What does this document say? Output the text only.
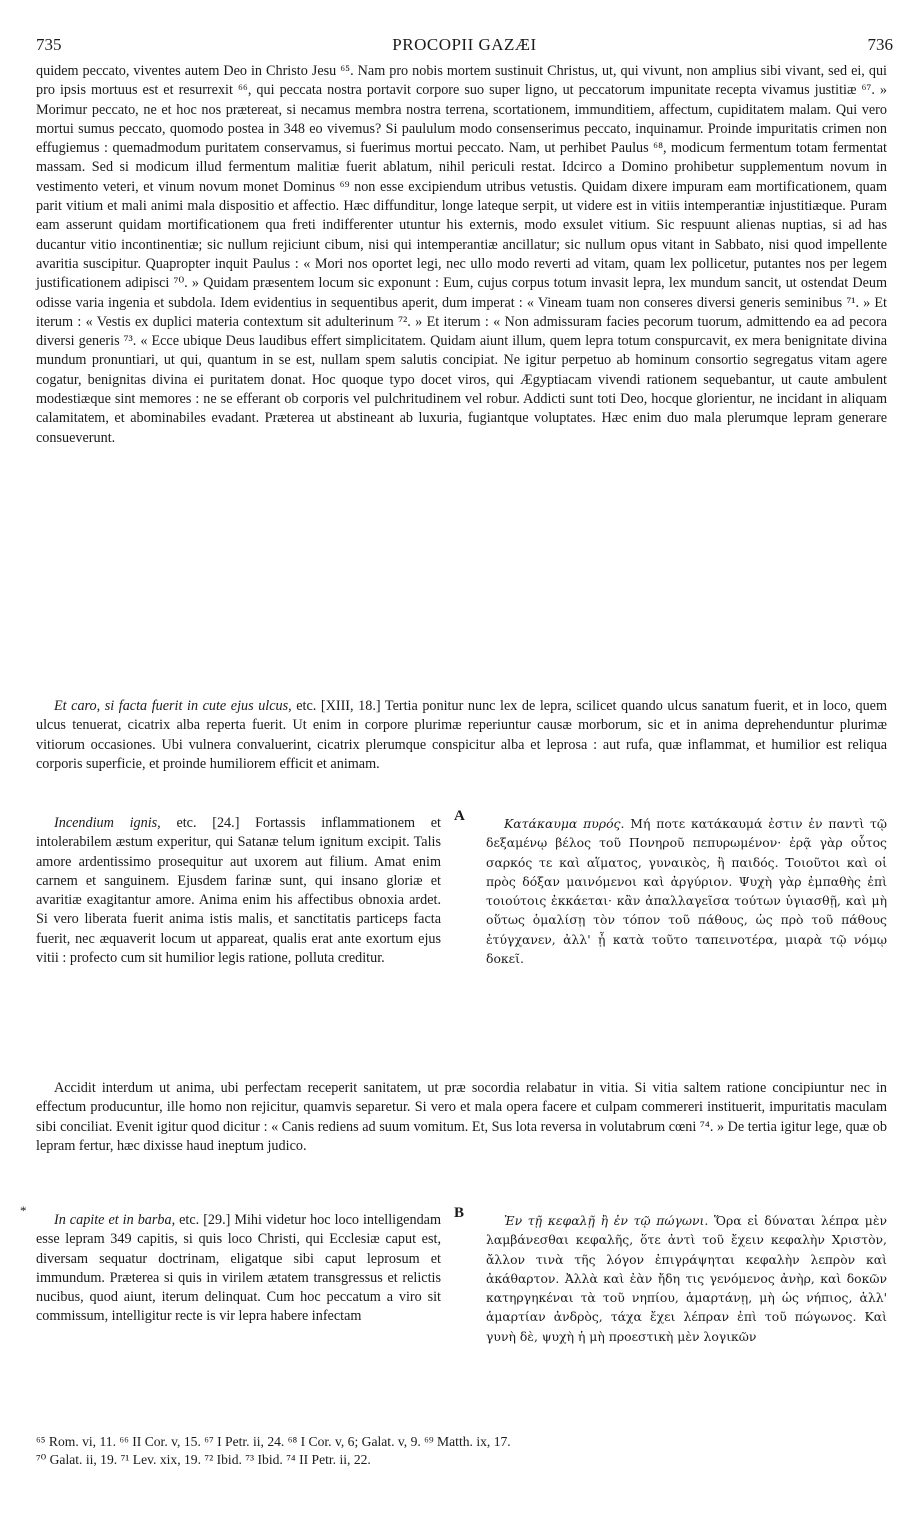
735	PROCOPII GAZÆI	736

quidem peccato, viventes autem Deo in Christo Jesu ⁶⁵. Nam pro nobis mortem sustinuit Christus, ut, qui vivunt, non amplius sibi vivant, sed ei, qui pro ipsis mortuus est et resurrexit ⁶⁶, qui peccata nostra portavit corpore suo super ligno, ut peccatorum impunitate recepta vivamus justitiæ ⁶⁷. » Morimur peccato, ne et hoc nos prætereat, si necamus membra nostra terrena, scortationem, immunditiem, affectum, cupiditatem malam. Qui vero mortui sumus peccato, quomodo postea in 348 eo vivemus? Si paululum modo consenserimus peccato, inquinamur. Proinde impuritatis crimen non effugiemus : quemadmodum puritatem conservamus, si fuerimus mortui peccato. Nam, ut perhibet Paulus ⁶⁸, modicum fermentum totam fermentat massam. Sed si modicum illud fermentum malitiæ fuerit ablatum, nihil periculi restat. Idcirco a Domino prohibetur supplementum novum in vestimento veteri, et vinum novum monet Dominus ⁶⁹ non esse excipiendum utribus vetustis. Quidam dixere impuram eam mortificationem, quam parit vitium et mali animi mala dispositio et affectio. Hæc diffunditur, longe lateque serpit, ut videre est in vitiis intemperantiæ injustitiæque. Puram eam asserunt quidam mortificationem qua freti indifferenter utuntur his externis, modo exsulet vitium. Sic respuunt alienas nuptias, si ad has ducantur vitio incontinentiæ; sic nullum rejiciunt cibum, nisi qui intemperantiæ ancillatur; sic nullum opus vitant in Sabbato, nisi quod impellente avaritia suscipitur. Quapropter inquit Paulus : « Mori nos oportet legi, nec ullo modo reverti ad vitam, quam lex pollicetur, putantes nos per legem justificationem adipisci ⁷⁰. » Quidam præsentem locum sic exponunt : Eum, cujus corpus totum invasit lepra, lex mundum sancit, ut ostendat Deum odisse varia ingenia et subdola. Idem evidentius in sequentibus aperit, dum imperat : « Vineam tuam non conseres diversi generis seminibus ⁷¹. » Et iterum : « Vestis ex duplici materia contextum sit adulterinum ⁷². » Et iterum : « Non admissuram facies pecorum tuorum, admittendo ea ad pecora diversi generis ⁷³. « Ecce ubique Deus laudibus effert simplicitatem. Quidam aiunt illum, quem lepra totum conspurcavit, ex mera benignitate divina mundum pronuntiari, ut qui, quantum in se est, nullam spem salutis concipiat. Ne igitur perpetuo ab hominum consortio segregatus vitam agere cogatur, benignitas divina ei puritatem donat. Hoc quoque typo docet viros, qui Ægyptiacam vivendi rationem sequebantur, ut caute ambulent modestiæque sint memores : ne se efferant ob corporis vel pulchritudinem vel robur. Addicti sunt toti Deo, hocque glorientur, ne incidant in aliquam calamitatem, et abominabiles evadant. Præterea ut abstineant ab luxuria, fugiantque voluptates. Hæc enim duo mala plerumque lepram generare consueverunt.

Et caro, si facta fuerit in cute ejus ulcus, etc. [XIII, 18.] Tertia ponitur nunc lex de lepra, scilicet quando ulcus sanatum fuerit, et in loco, quem ulcus tenuerat, cicatrix alba reperta fuerit. Ut enim in corpore plurimæ reperiuntur causæ morborum, sic et in anima deprehenduntur plurimæ vitiorum occasiones. Ubi vulnera convaluerint, cicatrix plerumque conspicitur alba et leprosa : aut rufa, quæ inflammat, et humilior est reliqua corporis superficie, et proinde humiliorem efficit et animam.

Incendium ignis, etc. [24.] Fortassis inflammationem et intolerabilem æstum experitur, qui Satanæ telum ignitum excipit. Talis amore ardentissimo prosequitur aut uxorem aut filium. Amat enim carnem et sanguinem. Ejusdem farinæ sunt, qui insano gloriæ et avaritiæ exagitantur amore. Anima enim his affectibus obnoxia ardet. Si vero liberata fuerit anima istis malis, et sanctitatis particeps facta fuerit, nec æquaverit locum ut appareat, qualis erat ante exortum ejus vitii : profecto cum sit humilior legis ratione, polluta creditur.

A	Κατάκαυμα πυρός. Μή ποτε κατάκαυμά ἐστιν ἐν παντὶ τῷ δεξαμένῳ βέλος τοῦ Πονηροῦ πεπυρωμένον· ἐρᾷ γὰρ οὗτος σαρκός τε καὶ αἵματος, γυναικὸς, ἢ παιδός. Τοιοῦτοι καὶ οἱ πρὸς δόξαν μαινόμενοι καὶ ἀργύριον. Ψυχὴ γὰρ ἐμπαθὴς ἐπὶ τοιούτοις ἐκκάεται· κἂν ἀπαλλαγεῖσα τούτων ὑγιασθῇ, καὶ μὴ οὕτως ὁμαλίσῃ τὸν τόπον τοῦ πάθους, ὡς πρὸ τοῦ πάθους ἐτύγχανεν, ἀλλ' ᾖ κατὰ τοῦτο ταπεινοτέρα, μιαρὰ τῷ νόμῳ δοκεῖ.

Accidit interdum ut anima, ubi perfectam receperit sanitatem, ut præ socordia relabatur in vitia. Si vitia saltem ratione concipiuntur nec in effectum producuntur, ille homo non rejicitur, quamvis separetur. Si vero et mala opera facere et culpam commereri instituerit, impuritatis maculam sibi conciliat. Evenit igitur quod dicitur : « Canis rediens ad suum vomitum. Et, Sus lota reversa in volutabrum cœni ⁷⁴. » De tertia igitur lege, quæ ob lepram fertur, hæc dixisse haud ineptum judico.

*

In capite et in barba, etc. [29.] Mihi videtur hoc loco intelligendam esse lepram 349 capitis, si quis loco Christi, qui Ecclesiæ caput est, diversam sequatur doctrinam, eligatque sibi caput leprosum et immundum. Præterea si quis in virilem ætatem transgressus et relictis nucibus, quod aiunt, iterum delinquat. Cum hoc peccatum a viro sit commissum, intelligitur recte is vir lepra habere infectam

B	Ἐν τῇ κεφαλῇ ἢ ἐν τῷ πώγωνι. Ὅρα εἰ δύναται λέπρα μὲν λαμβάνεσθαι κεφαλῆς, ὅτε ἀντὶ τοῦ ἔχειν κεφαλὴν Χριστὸν, ἄλλον τινὰ τῆς λόγον ἐπιγράψηται κεφαλὴν λεπρὸν καὶ ἀκάθαρτον. Ἀλλὰ καὶ ἐὰν ἤδη τις γενόμενος ἀνὴρ, καὶ δοκῶν κατηργηκέναι τὰ τοῦ νηπίου, ἁμαρτάνῃ, μὴ ὡς νήπιος, ἀλλ' ἁμαρτίαν ἀνδρὸς, τάχα ἔχει λέπραν ἐπὶ τοῦ πώγωνος. Καὶ γυνὴ δὲ, ψυχὴ ἡ μὴ προεστικὴ μὲν λογικῶν

⁶⁵ Rom. vi, 11. ⁶⁶ II Cor. v, 15. ⁶⁷ I Petr. ii, 24. ⁶⁸ I Cor. v, 6; Galat. v, 9. ⁶⁹ Matth. ix, 17.

⁷⁰ Galat. ii, 19. ⁷¹ Lev. xix, 19. ⁷² Ibid. ⁷³ Ibid. ⁷⁴ II Petr. ii, 22.
